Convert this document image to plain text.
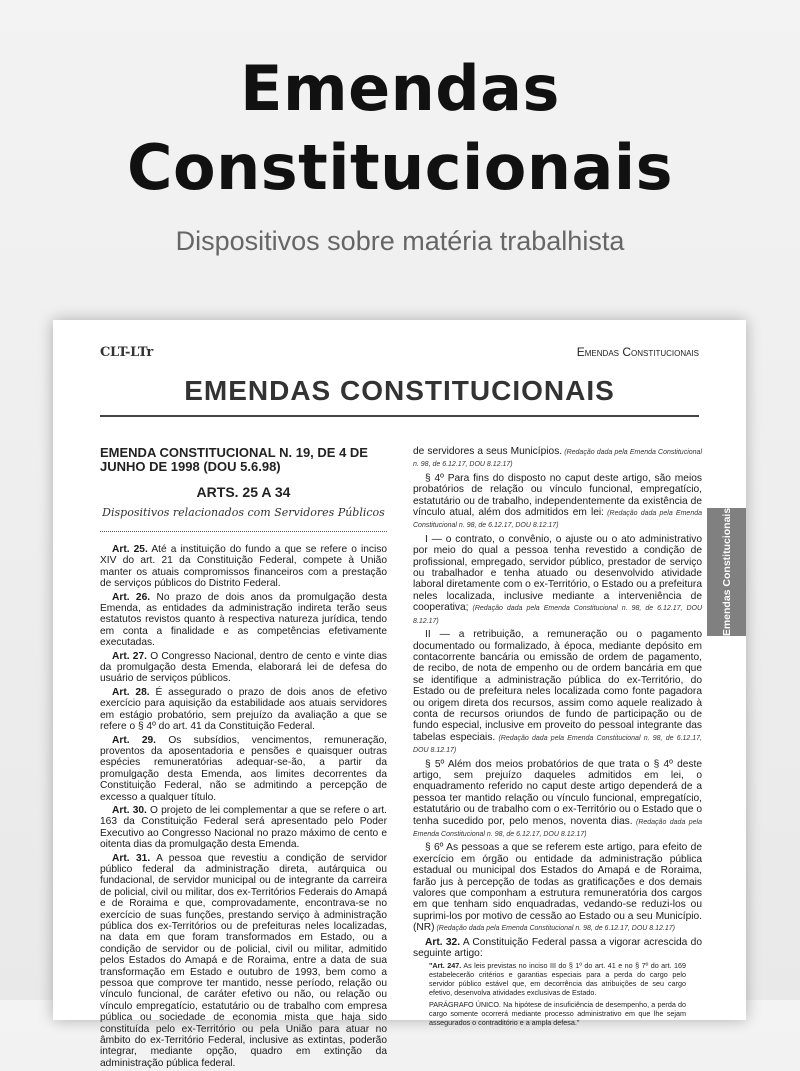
Emendas
Constitucionais
Dispositivos sobre matéria trabalhista
CLT-LTr	Emendas Constitucionais
EMENDAS CONSTITUCIONAIS
EMENDA CONSTITUCIONAL N. 19, DE 4 DE JUNHO DE 1998 (DOU 5.6.98)
ARTS. 25 A 34
Dispositivos relacionados com Servidores Públicos

Art. 25. Até a instituição do fundo a que se refere o inciso XIV do art. 21 da Constituição Federal, compete à União manter os atuais compromissos financeiros com a prestação de serviços públicos do Distrito Federal.

Art. 26. No prazo de dois anos da promulgação desta Emenda, as entidades da administração indireta terão seus estatutos revistos quanto à respectiva natureza jurídica, tendo em conta a finalidade e as competências efetivamente executadas.

Art. 27. O Congresso Nacional, dentro de cento e vinte dias da promulgação desta Emenda, elaborará lei de defesa do usuário de serviços públicos.

Art. 28. É assegurado o prazo de dois anos de efetivo exercício para aquisição da estabilidade aos atuais servidores em estágio probatório, sem prejuízo da avaliação a que se refere o § 4º do art. 41 da Constituição Federal.

Art. 29. Os subsídios, vencimentos, remuneração, proventos da aposentadoria e pensões e quaisquer outras espécies remuneratórias adequar-se-ão, a partir da promulgação desta Emenda, aos limites decorrentes da Constituição Federal, não se admitindo a percepção de excesso a qualquer título.

Art. 30. O projeto de lei complementar a que se refere o art. 163 da Constituição Federal será apresentado pelo Poder Executivo ao Congresso Nacional no prazo máximo de cento e oitenta dias da promulgação desta Emenda.

Art. 31. A pessoa que revestiu a condição de servidor público federal da administração direta, autárquica ou fundacional, de servidor municipal ou de integrante da carreira de policial, civil ou militar, dos ex-Territórios Federais do Amapá e de Roraima e que, comprovadamente, encontrava-se no exercício de suas funções, prestando serviço à administração pública dos ex-Territórios ou de prefeituras neles localizadas, na data em que foram transformados em Estado, ou a condição de servidor ou de policial, civil ou militar, admitido pelos Estados do Amapá e de Roraima, entre a data de sua transformação em Estado e outubro de 1993, bem como a pessoa que comprove ter mantido, nesse período, relação ou vínculo funcional, de caráter efetivo ou não, ou relação ou vínculo empregatício, estatutário ou de trabalho com empresa pública ou sociedade de economia mista que haja sido constituída pelo ex-Território ou pela União para atuar no âmbito do ex-Território Federal, inclusive as extintas, poderão integrar, mediante opção, quadro em extinção da administração pública federal.

de servidores a seus Municípios. (Redação dada pela Emenda Constitucional n. 98, de 6.12.17, DOU 8.12.17)

§ 4º Para fins do disposto no caput deste artigo, são meios probatórios de relação ou vínculo funcional, empregatício, estatutário ou de trabalho, independentemente da existência de vínculo atual, além dos admitidos em lei: (Redação dada pela Emenda Constitucional n. 98, de 6.12.17, DOU 8.12.17)

I — o contrato, o convênio, o ajuste ou o ato administrativo por meio do qual a pessoa tenha revestido a condição de profissional, empregado, servidor público, prestador de serviço ou trabalhador e tenha atuado ou desenvolvido atividade laboral diretamente com o ex-Território, o Estado ou a prefeitura neles localizada, inclusive mediante a interveniência de cooperativa; (Redação dada pela Emenda Constitucional n. 98, de 6.12.17, DOU 8.12.17)

II — a retribuição, a remuneração ou o pagamento documentado ou formalizado, à época, mediante depósito em contacorrente bancária ou emissão de ordem de pagamento, de recibo, de nota de empenho ou de ordem bancária em que se identifique a administração pública do ex-Território, do Estado ou de prefeitura neles localizada como fonte pagadora ou origem direta dos recursos, assim como aquele realizado à conta de recursos oriundos de fundo de participação ou de fundo especial, inclusive em proveito do pessoal integrante das tabelas especiais. (Redação dada pela Emenda Constitucional n. 98, de 6.12.17, DOU 8.12.17)

§ 5º Além dos meios probatórios de que trata o § 4º deste artigo, sem prejuízo daqueles admitidos em lei, o enquadramento referido no caput deste artigo dependerá de a pessoa ter mantido relação ou vínculo funcional, empregatício, estatutário ou de trabalho com o ex-Território ou o Estado que o tenha sucedido por, pelo menos, noventa dias. (Redação dada pela Emenda Constitucional n. 98, de 6.12.17, DOU 8.12.17)

§ 6º As pessoas a que se referem este artigo, para efeito de exercício em órgão ou entidade da administração pública estadual ou municipal dos Estados do Amapá e de Roraima, farão jus à percepção de todas as gratificações e dos demais valores que componham a estrutura remuneratória dos cargos em que tenham sido enquadradas, vedando-se reduzi-los ou suprimi-los por motivo de cessão ao Estado ou a seu Município. (NR) (Redação dada pela Emenda Constitucional n. 98, de 6.12.17, DOU 8.12.17)

Art. 32. A Constituição Federal passa a vigorar acrescida do seguinte artigo:

"Art. 247. As leis previstas no inciso III do § 1º do art. 41 e no § 7º do art. 169 estabelecerão critérios e garantias especiais para a perda do cargo pelo servidor público estável que, em decorrência das atribuições de seu cargo efetivo, desenvolva atividades exclusivas de Estado.

PARÁGRAFO ÚNICO. Na hipótese de insuficiência de desempenho, a perda do cargo somente ocorrerá mediante processo administrativo em que lhe sejam assegurados o contraditório e a ampla defesa."

Emendas Constitucionais
